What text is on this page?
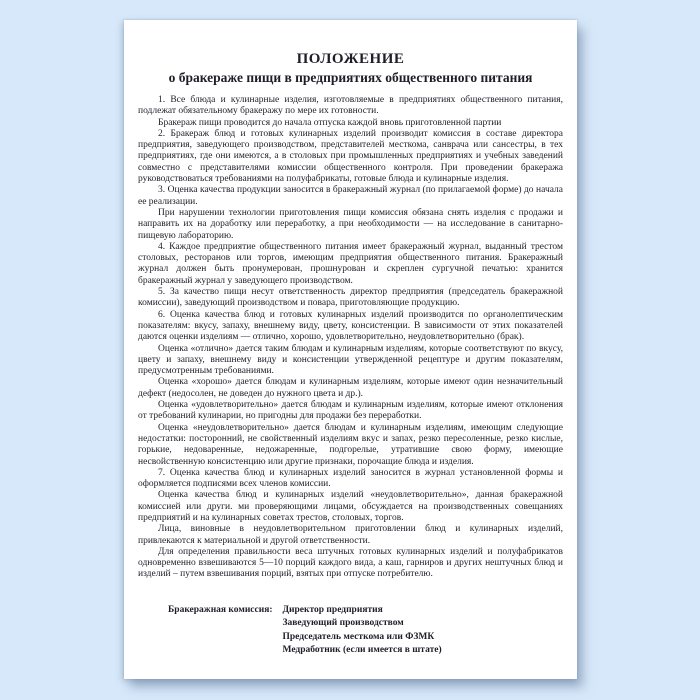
ПОЛОЖЕНИЕ
о бракераже пищи в предприятиях общественного питания

1. Все блюда и кулинарные изделия, изготовляемые в предприятиях общественного питания, подлежат обязательному бракеражу по мере их готовности.

Бракераж пищи проводится до начала отпуска каждой вновь приготовленной партии

2. Бракераж блюд и готовых кулинарных изделий производит комиссия в составе директора предприятия, заведующего производством, представителей месткома, санврача или сансестры, в тех предприятиях, где они имеются, а в столовых при промышленных предприятиях и учебных заведений совместно с представителями комиссии общественного контроля. При проведении бракеража руководствоваться требованиями на полуфабрикаты, готовые блюда и кулинарные изделия.

3. Оценка качества продукции заносится в бракеражный журнал (по прилагаемой форме) до начала ее реализации.

При нарушении технологии приготовления пищи комиссия обязана снять изделия с продажи и направить их на доработку или переработку, а при необходимости — на исследование в санитарно-пищевую лабораторию.

4. Каждое предприятие общественного питания имеет бракеражный журнал, выданный трестом столовых, ресторанов или торгов, имеющим предприятия общественного питания. Бракеражный журнал должен быть пронумерован, прошнурован и скреплен сургучной печатью: хранится бракеражный журнал у заведующего производством.

5. За качество пищи несут ответственность директор предприятия (председатель бракеражной комиссии), заведующий производством и повара, приготовляющие продукцию.

6. Оценка качества блюд и готовых кулинарных изделий производится по органолептическим показателям: вкусу, запаху, внешнему виду, цвету, консистенции. В зависимости от этих показателей даются оценки изделиям — отлично, хорошо, удовлетворительно, неудовлетворительно (брак).

Оценка «отлично» дается таким блюдам и кулинарным изделиям, которые соответствуют по вкусу, цвету и запаху, внешнему виду и консистенции утвержденной рецептуре и другим показателям, предусмотренным требованиями.

Оценка «хорошо» дается блюдам и кулинарным изделиям, которые имеют один незначительный дефект (недосолен, не доведен до нужного цвета и др.).

Оценка «удовлетворительно» дается блюдам и кулинарным изделиям, которые имеют отклонения от требований кулинарии, но пригодны для продажи без переработки.

Оценка «неудовлетворительно» дается блюдам и кулинарным изделиям, имеющим следующие недостатки: посторонний, не свойственный изделиям вкус и запах, резко пересоленные, резко кислые, горькие, недоваренные, недожаренные, подгорелые, утратившие свою форму, имеющие несвойственную консистенцию или другие признаки, порочащие блюда и изделия.

7. Оценка качества блюд и кулинарных изделий заносится в журнал установленной формы и оформляется подписями всех членов комиссии.

Оценка качества блюд и кулинарных изделий «неудовлетворительно», данная бракеражной комиссией или други. ми проверяющими лицами, обсуждается на производственных совещаниях предприятий и на кулинарных советах трестов, столовых, торгов.

Лица, виновные в неудовлетворительном приготовлении блюд и кулинарных изделий, привлекаются к материальной и другой ответственности.

Для определения правильности веса штучных готовых кулинарных изделий и полуфабрикатов одновременно взвешиваются 5—10 порций каждого вида, а каш, гарниров и других нештучных блюд и изделий – путем взвешивания порций, взятых при отпуске потребителю.

Бракеражная комиссия: Директор предприятия
Заведующий производством
Председатель месткома или ФЗМК
Медработник (если имеется в штате)
